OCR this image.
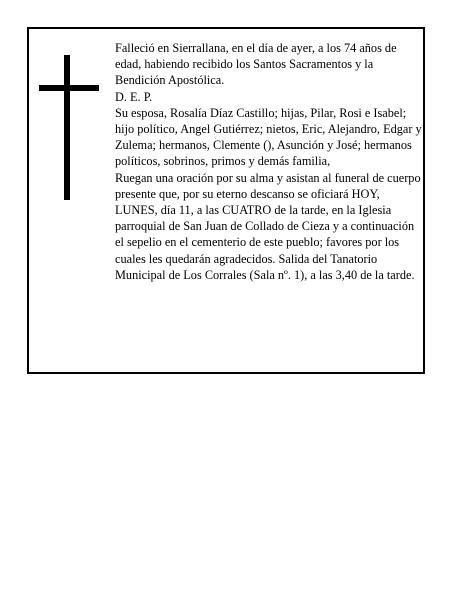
Falleció en Sierrallana, en el día de ayer, a los 74 años de edad, habiendo recibido los Santos Sacramentos y la Bendición Apostólica.

D. E. P.

Su esposa, Rosalía Díaz Castillo; hijas, Pilar, Rosi e Isabel; hijo político, Angel Gutiérrez; nietos, Eric, Alejandro, Edgar y Zulema; hermanos, Clemente (), Asunción y José; hermanos políticos, sobrinos, primos y demás familia,

Ruegan una oración por su alma y asistan al funeral de cuerpo presente que, por su eterno descanso se oficiará HOY, LUNES, día 11, a las CUATRO de la tarde, en la Iglesia parroquial de San Juan de Collado de Cieza y a continuación el sepelio en el cementerio de este pueblo; favores por los cuales les quedarán agradecidos. Salida del Tanatorio Municipal de Los Corrales (Sala nº. 1), a las 3,40 de la tarde.
